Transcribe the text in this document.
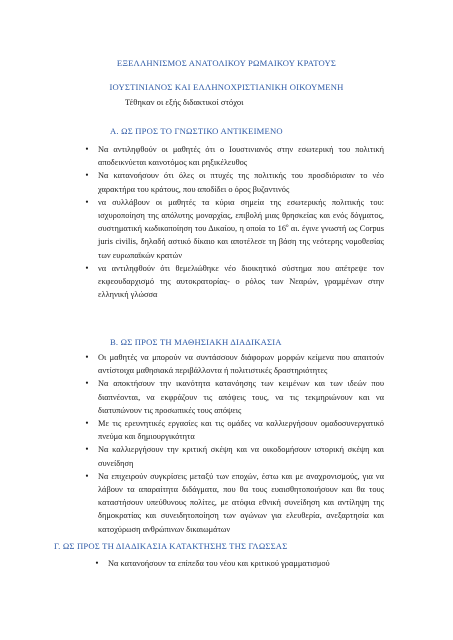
ΕΞΕΛΛΗΝΙΣΜΟΣ ΑΝΑΤΟΛΙΚΟΥ ΡΩΜΑΙΚΟΥ ΚΡΑΤΟΥΣ
ΙΟΥΣΤΙΝΙΑΝΟΣ ΚΑΙ ΕΛΛΗΝΟΧΡΙΣΤΙΑΝΙΚΗ ΟΙΚΟΥΜΕΝΗ
Τέθηκαν οι εξής διδακτικοί στόχοι
Α. ΩΣ ΠΡΟΣ ΤΟ ΓΝΩΣΤΙΚΟ ΑΝΤΙΚΕΙΜΕΝΟ
•	Να αντιληφθούν οι μαθητές ότι ο Ιουστινιανός στην εσωτερική του πολιτική αποδεικνύεται καινοτόμος και ρηξικέλευθος
•	Να κατανοήσουν ότι όλες οι πτυχές της πολιτικής του προσδιόρισαν το νέο χαρακτήρα του κράτους, που αποδίδει ο όρος βυζαντινός
•	να συλλάβουν οι μαθητές τα κύρια σημεία της εσωτερικής πολιτικής του: ισχυροποίηση της απόλυτης μοναρχίας, επιβολή μιας θρησκείας και ενός δόγματος, συστηματική κωδικοποίηση του Δικαίου, η οποία το $16^o$ αι. έγινε γνωστή ως Corpus juris civilis, δηλαδή αστικό δίκαιο και αποτέλεσε τη βάση της νεότερης νομοθεσίας των ευρωπαϊκών κρατών
•	να αντιληφθούν ότι θεμελιώθηκε νέο διοικητικό σύστημα που απέτρεψε τον εκφεουδαρχισμό της αυτοκρατορίας- ο ρόλος των Νεαρών, γραμμένων στην ελληνική γλώσσα
Β. ΩΣ ΠΡΟΣ ΤΗ ΜΑΘΗΣΙΑΚΗ ΔΙΑΔΙΚΑΣΙΑ
•	Οι μαθητές να μπορούν να συντάσσουν διάφορων μορφών κείμενα που απαιτούν αντίστοιχα μαθησιακά περιβάλλοντα ή πολιτιστικές δραστηριότητες
•	Να αποκτήσουν την ικανότητα κατανόησης των κειμένων και των ιδεών που διαπνέονται, να εκφράζουν τις απόψεις τους, να τις τεκμηριώνουν και να διατυπώνουν τις προσωπικές τους απόψεις
•	Με τις ερευνητικές εργασίες και τις ομάδες να καλλιεργήσουν ομαδοσυνεργατικό πνεύμα και δημιουργικότητα
•	Να καλλιεργήσουν την κριτική σκέψη και να οικοδομήσουν ιστορική σκέψη και συνείδηση
•	Να επιχειρούν συγκρίσεις μεταξύ των εποχών, έστω και με αναχρονισμούς, για να λάβουν τα απαραίτητα διδάγματα, που θα τους ευαισθητοποιήσουν και θα τους καταστήσουν υπεύθυνους πολίτες, με ατόφια εθνική συνείδηση και αντίληψη της δημοκρατίας και συνειδητοποίηση των αγώνων για ελευθερία, ανεξαρτησία και κατοχύρωση ανθρώπινων δικαιωμάτων
Γ. ΩΣ ΠΡΟΣ ΤΗ ΔΙΑΔΙΚΑΣΙΑ ΚΑΤΑΚΤΗΣΗΣ ΤΗΣ ΓΛΩΣΣΑΣ
•	Να κατανοήσουν τα επίπεδα του νέου και κριτικού γραμματισμού
